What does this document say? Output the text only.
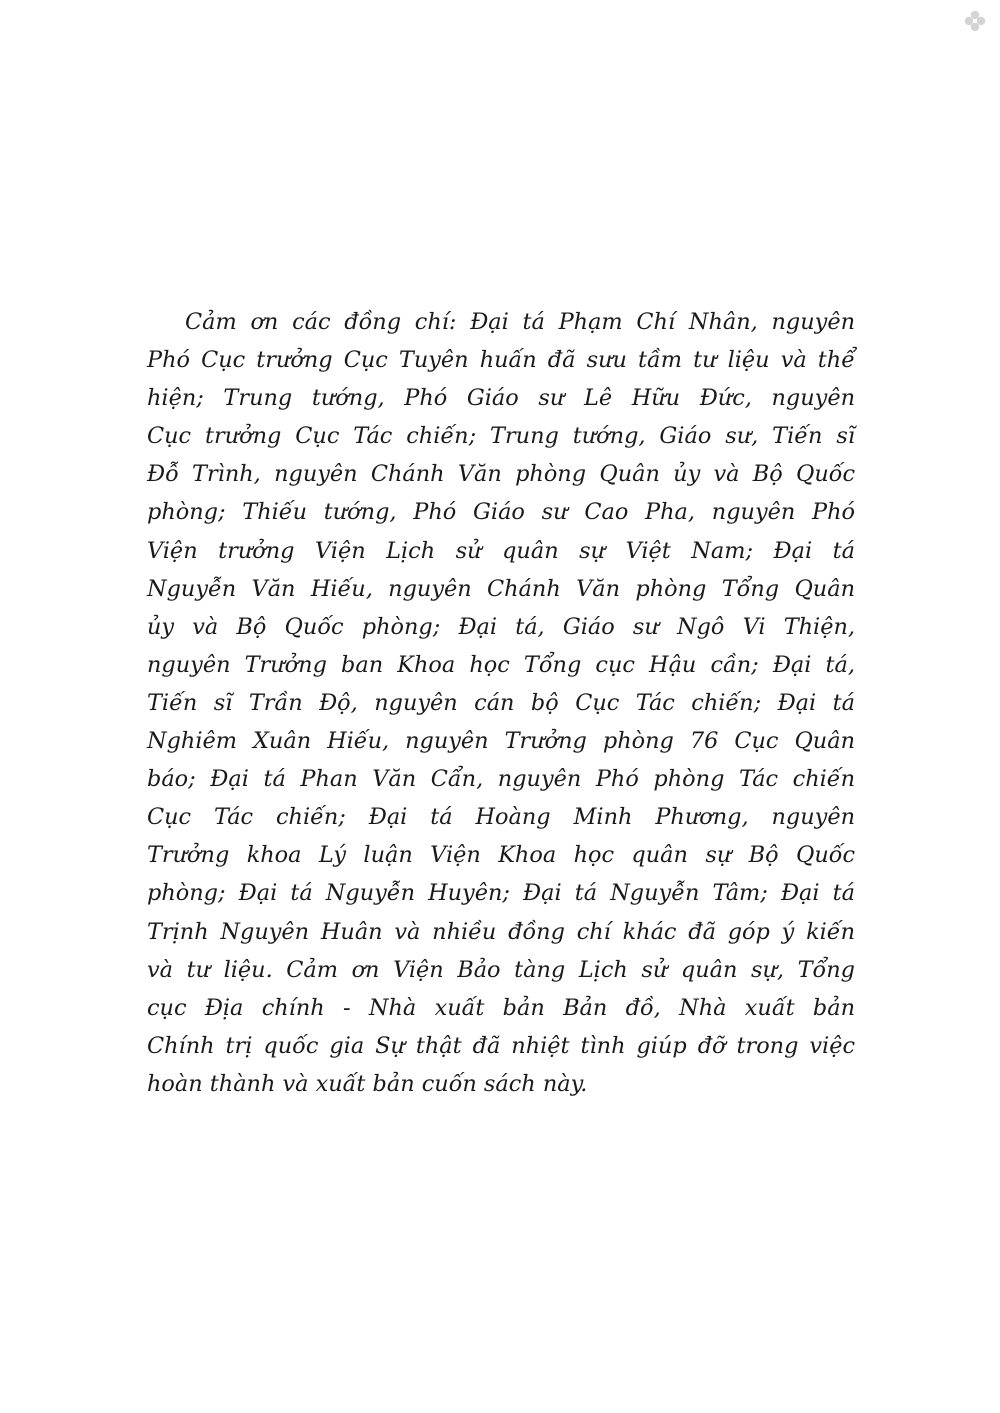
Cảm ơn các đồng chí: Đại tá Phạm Chí Nhân, nguyên
Phó Cục trưởng Cục Tuyên huấn đã sưu tầm tư liệu và thể
hiện; Trung tướng, Phó Giáo sư Lê Hữu Đức, nguyên
Cục trưởng Cục Tác chiến; Trung tướng, Giáo sư, Tiến sĩ
Đỗ Trình, nguyên Chánh Văn phòng Quân ủy và Bộ Quốc
phòng; Thiếu tướng, Phó Giáo sư Cao Pha, nguyên Phó
Viện trưởng Viện Lịch sử quân sự Việt Nam; Đại tá
Nguyễn Văn Hiếu, nguyên Chánh Văn phòng Tổng Quân
ủy và Bộ Quốc phòng; Đại tá, Giáo sư Ngô Vi Thiện,
nguyên Trưởng ban Khoa học Tổng cục Hậu cần; Đại tá,
Tiến sĩ Trần Độ, nguyên cán bộ Cục Tác chiến; Đại tá
Nghiêm Xuân Hiếu, nguyên Trưởng phòng 76 Cục Quân
báo; Đại tá Phan Văn Cẩn, nguyên Phó phòng Tác chiến
Cục Tác chiến; Đại tá Hoàng Minh Phương, nguyên
Trưởng khoa Lý luận Viện Khoa học quân sự Bộ Quốc
phòng; Đại tá Nguyễn Huyên; Đại tá Nguyễn Tâm; Đại tá
Trịnh Nguyên Huân và nhiều đồng chí khác đã góp ý kiến
và tư liệu. Cảm ơn Viện Bảo tàng Lịch sử quân sự, Tổng
cục Địa chính - Nhà xuất bản Bản đồ, Nhà xuất bản
Chính trị quốc gia Sự thật đã nhiệt tình giúp đỡ trong việc
hoàn thành và xuất bản cuốn sách này.
